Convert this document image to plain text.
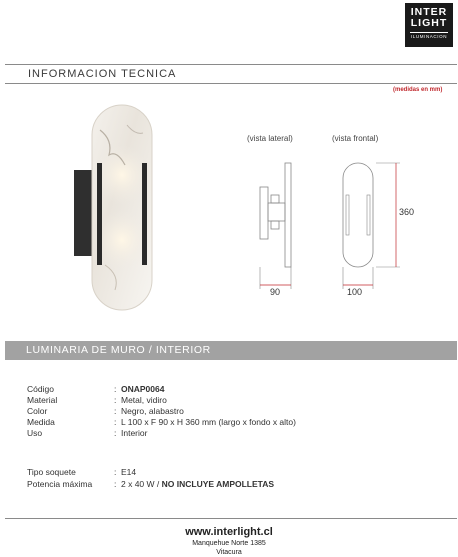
INTER
LIGHT
ILUMINACION
INFORMACION TECNICA
(medidas en mm)
(vista lateral)	(vista frontal)
90
360
100
LUMINARIA DE MURO / INTERIOR
Código	: ONAP0064
Material	: Metal, vidiro
Color	: Negro, alabastro
Medida	: L 100 x F 90 x H 360 mm (largo x fondo x alto)
Uso	: Interior
Tipo soquete	: E14
Potencia máxima	: 2 x 40 W / NO INCLUYE AMPOLLETAS
www.interlight.cl
Manquehue Norte 1385
Vitacura
